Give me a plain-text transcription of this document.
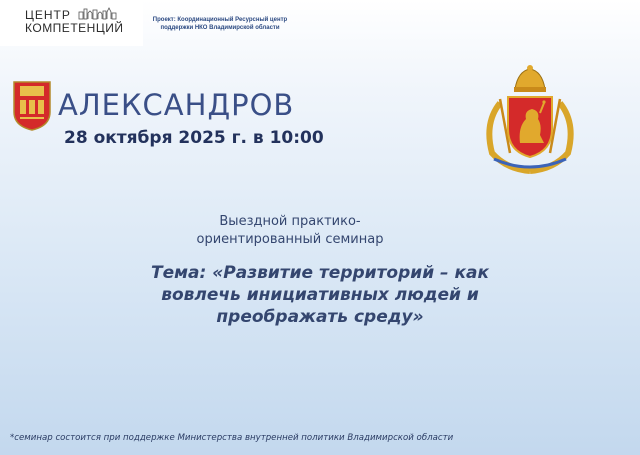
ЦЕНТР
КОМПЕТЕНЦИЙ
Проект: Координационный Ресурсный центр поддержки НКО Владимирской области
АЛЕКСАНДРОВ
28 октября 2025 г. в 10:00
Выездной практико-
ориентированный семинар
Тема: «Развитие территорий – как
вовлечь инициативных людей и
преображать среду»
*семинар состоится при поддержке Министерства внутренней политики Владимирской области
